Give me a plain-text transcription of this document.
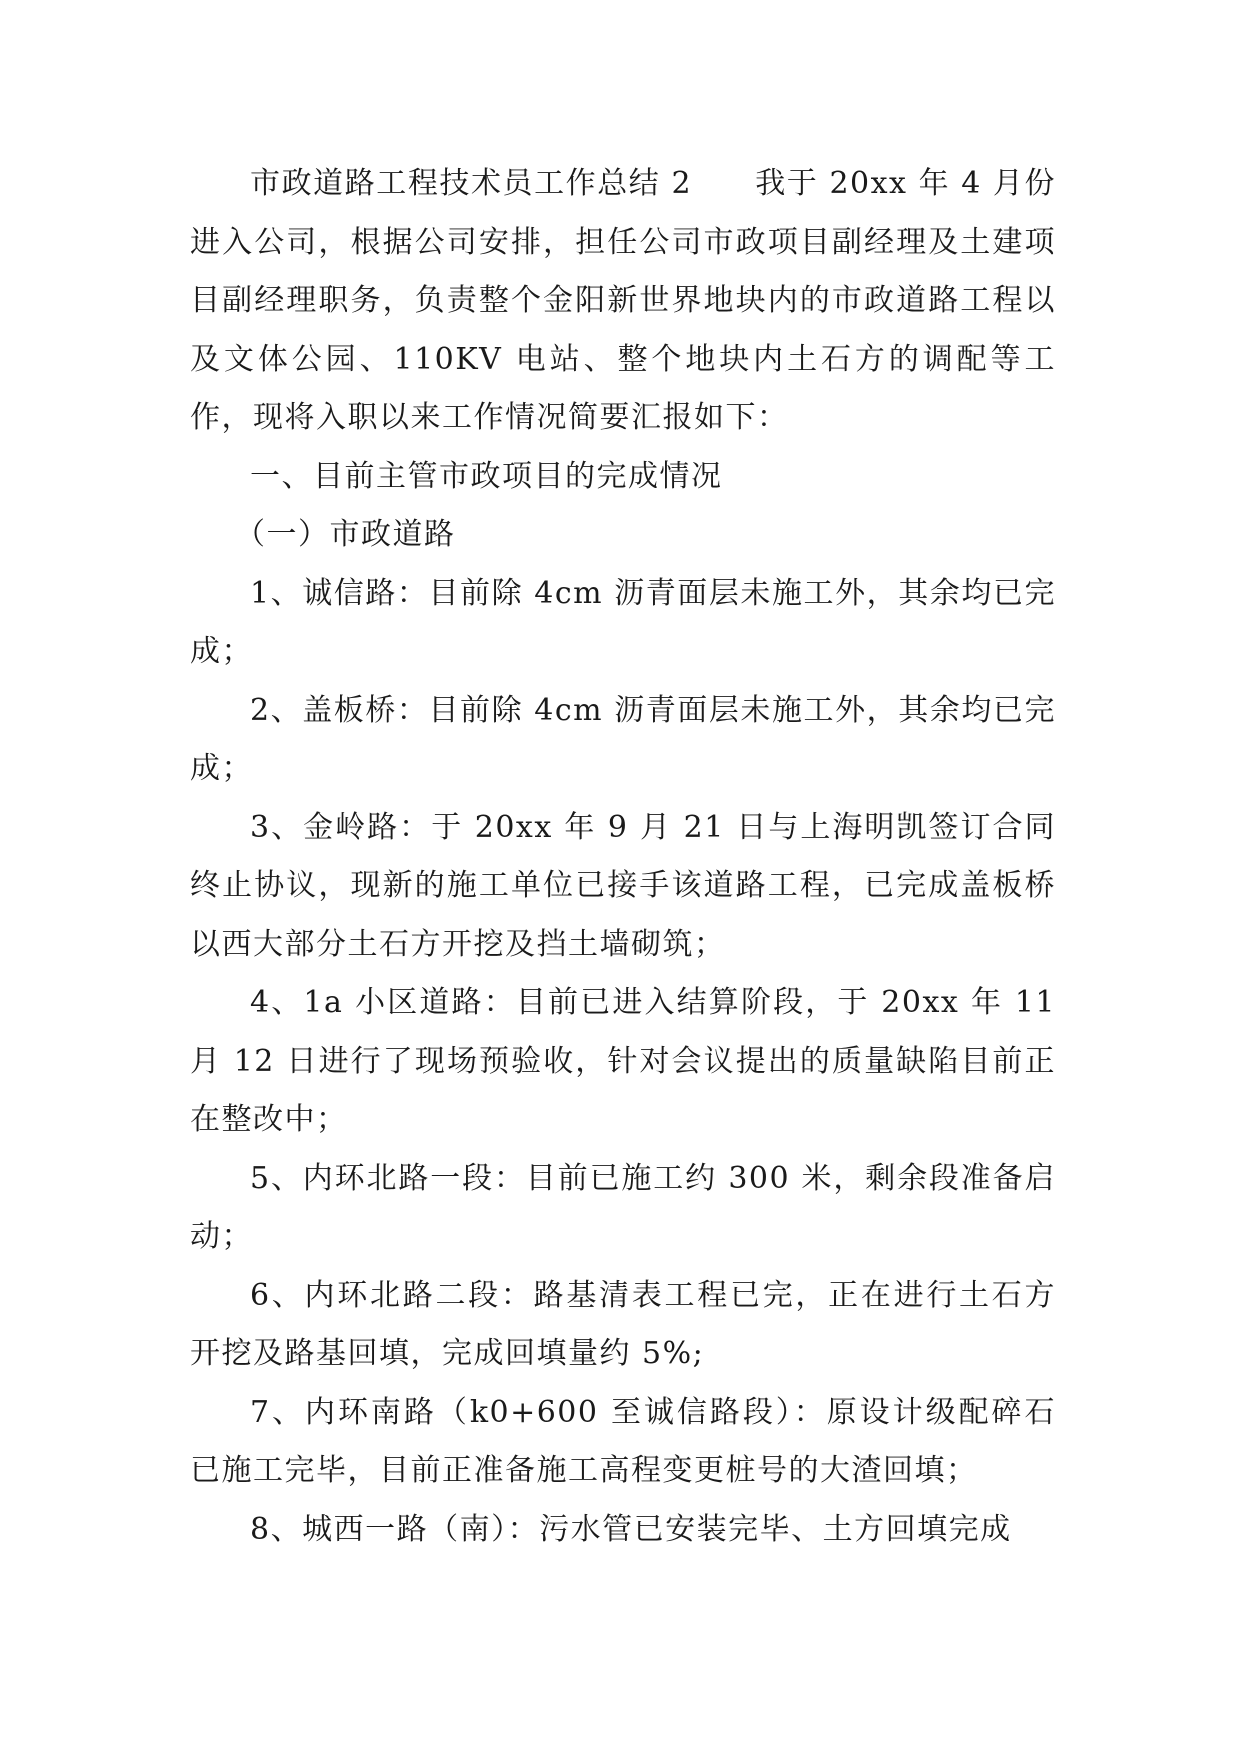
市政道路工程技术员工作总结 2　　我于 20xx 年 4 月份进入公司，根据公司安排，担任公司市政项目副经理及土建项目副经理职务，负责整个金阳新世界地块内的市政道路工程以及文体公园、110KV 电站、整个地块内土石方的调配等工作，现将入职以来工作情况简要汇报如下：

一、目前主管市政项目的完成情况

（一）市政道路

1、诚信路：目前除 4cm 沥青面层未施工外，其余均已完成；

2、盖板桥：目前除 4cm 沥青面层未施工外，其余均已完成；

3、金岭路：于 20xx 年 9 月 21 日与上海明凯签订合同终止协议，现新的施工单位已接手该道路工程，已完成盖板桥以西大部分土石方开挖及挡土墙砌筑；

4、1a 小区道路：目前已进入结算阶段，于 20xx 年 11 月 12 日进行了现场预验收，针对会议提出的质量缺陷目前正在整改中；

5、内环北路一段：目前已施工约 300 米，剩余段准备启动；

6、内环北路二段：路基清表工程已完，正在进行土石方开挖及路基回填，完成回填量约 5%;

7、内环南路（k0+600 至诚信路段）：原设计级配碎石已施工完毕，目前正准备施工高程变更桩号的大渣回填；

8、城西一路（南）：污水管已安装完毕、土方回填完成
